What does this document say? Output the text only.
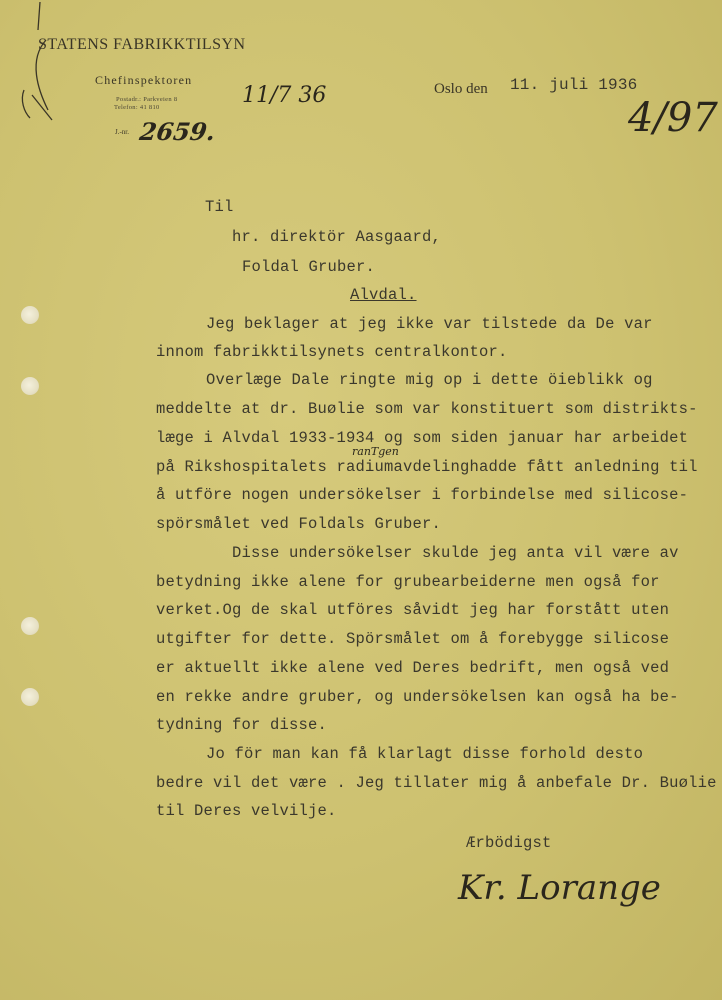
STATENS FABRIKKTILSYN
Chefinspektoren
Postadr.: Parkveien 8
Telefon: 41 810
J.-nr. 2659.
11/7 36	4/97
Oslo den 11. juli 1936
Til
hr. direktör Aasgaard,
Foldal Gruber.
Alvdal.
Jeg beklager at jeg ikke var tilstede da De var
innom fabrikktilsynets centralkontor.
Overlæge Dale ringte mig op i dette öieblikk og
meddelte at dr. Buølie som var konstituert som distrikts-
læge i Alvdal 1933-1934 og som siden januar har arbeidet
ranTgen
på Rikshospitalets radiumavdelinghadde fått anledning til
å utföre nogen undersökelser i forbindelse med silicose-
spörsmålet ved Foldals Gruber.
Disse undersökelser skulde jeg anta vil være av
betydning ikke alene for grubearbeiderne men også for
verket.Og de skal utföres såvidt jeg har forstått uten
utgifter for dette. Spörsmålet om å forebygge silicose
er aktuellt ikke alene ved Deres bedrift, men også ved
en rekke andre gruber, og undersökelsen kan også ha be-
tydning for disse.
Jo för man kan få klarlagt disse forhold desto
bedre vil det være . Jeg tillater mig å anbefale Dr. Buølie
til Deres velvilje.
Ærbödigst
Kr. Lorange
